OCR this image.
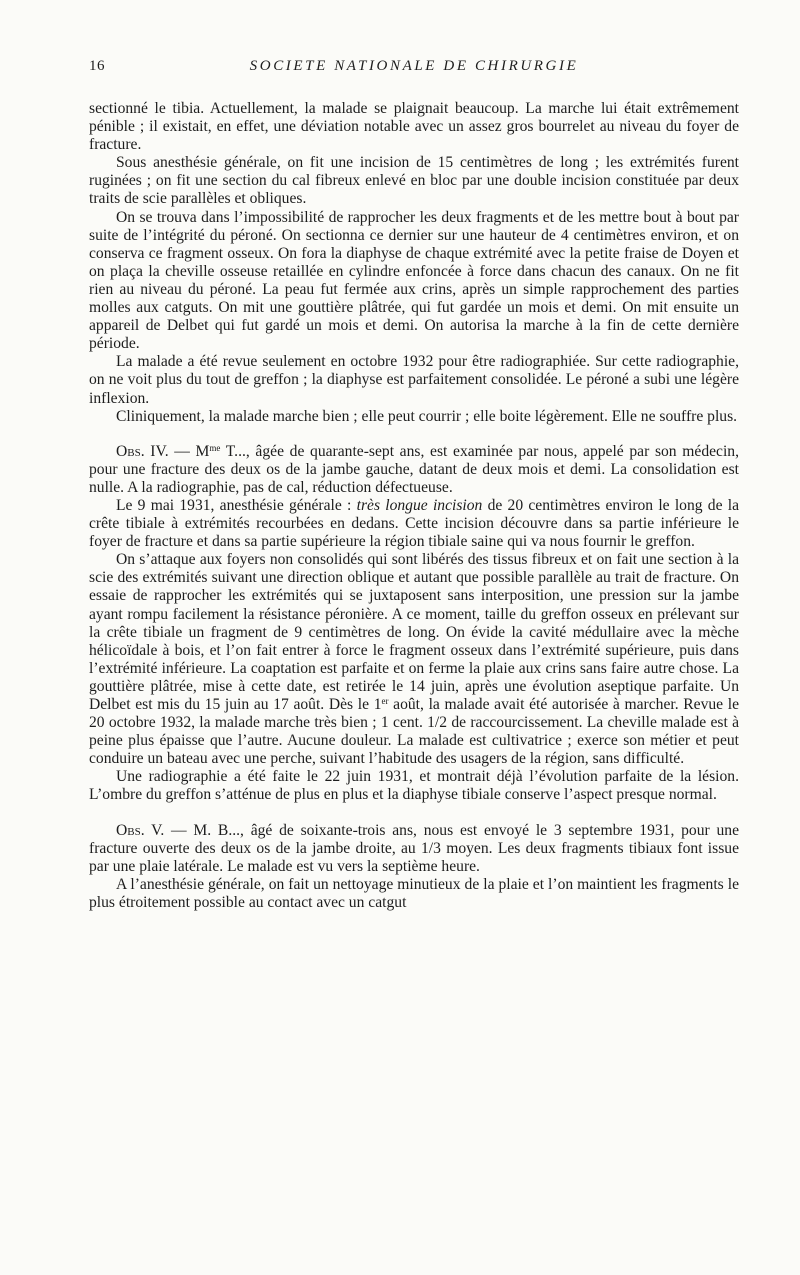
16	SOCIETE NATIONALE DE CHIRURGIE

sectionné le tibia. Actuellement, la malade se plaignait beaucoup. La marche lui était extrêmement pénible ; il existait, en effet, une déviation notable avec un assez gros bourrelet au niveau du foyer de fracture.

Sous anesthésie générale, on fit une incision de 15 centimètres de long ; les extrémités furent ruginées ; on fit une section du cal fibreux enlevé en bloc par une double incision constituée par deux traits de scie parallèles et obliques.

On se trouva dans l’impossibilité de rapprocher les deux fragments et de les mettre bout à bout par suite de l’intégrité du péroné. On sectionna ce dernier sur une hauteur de 4 centimètres environ, et on conserva ce fragment osseux. On fora la diaphyse de chaque extrémité avec la petite fraise de Doyen et on plaça la cheville osseuse retaillée en cylindre enfoncée à force dans chacun des canaux. On ne fit rien au niveau du péroné. La peau fut fermée aux crins, après un simple rapprochement des parties molles aux catguts. On mit une gouttière plâtrée, qui fut gardée un mois et demi. On mit ensuite un appareil de Delbet qui fut gardé un mois et demi. On autorisa la marche à la fin de cette dernière période.

La malade a été revue seulement en octobre 1932 pour être radiographiée. Sur cette radiographie, on ne voit plus du tout de greffon ; la diaphyse est parfaitement consolidée. Le péroné a subi une légère inflexion.

Cliniquement, la malade marche bien ; elle peut courrir ; elle boite légèrement. Elle ne souffre plus.

Obs. IV. — $M^{me}$ T..., âgée de quarante-sept ans, est examinée par nous, appelé par son médecin, pour une fracture des deux os de la jambe gauche, datant de deux mois et demi. La consolidation est nulle. A la radiographie, pas de cal, réduction défectueuse.

Le 9 mai 1931, anesthésie générale : très longue incision de 20 centimètres environ le long de la crête tibiale à extrémités recourbées en dedans. Cette incision découvre dans sa partie inférieure le foyer de fracture et dans sa partie supérieure la région tibiale saine qui va nous fournir le greffon.

On s’attaque aux foyers non consolidés qui sont libérés des tissus fibreux et on fait une section à la scie des extrémités suivant une direction oblique et autant que possible parallèle au trait de fracture. On essaie de rapprocher les extrémités qui se juxtaposent sans interposition, une pression sur la jambe ayant rompu facilement la résistance péronière. A ce moment, taille du greffon osseux en prélevant sur la crête tibiale un fragment de 9 centimètres de long. On évide la cavité médullaire avec la mèche hélicoïdale à bois, et l’on fait entrer à force le fragment osseux dans l’extrémité supérieure, puis dans l’extrémité inférieure. La coaptation est parfaite et on ferme la plaie aux crins sans faire autre chose. La gouttière plâtrée, mise à cette date, est retirée le 14 juin, après une évolution aseptique parfaite. Un Delbet est mis du 15 juin au 17 août. Dès le 1er août, la malade avait été autorisée à marcher. Revue le 20 octobre 1932, la malade marche très bien ; 1 cent. 1/2 de raccourcissement. La cheville malade est à peine plus épaisse que l’autre. Aucune douleur. La malade est cultivatrice ; exerce son métier et peut conduire un bateau avec une perche, suivant l’habitude des usagers de la région, sans difficulté.

Une radiographie a été faite le 22 juin 1931, et montrait déjà l’évolution parfaite de la lésion. L’ombre du greffon s’atténue de plus en plus et la diaphyse tibiale conserve l’aspect presque normal.

Obs. V. — M. B..., âgé de soixante-trois ans, nous est envoyé le 3 septembre 1931, pour une fracture ouverte des deux os de la jambe droite, au 1/3 moyen. Les deux fragments tibiaux font issue par une plaie latérale. Le malade est vu vers la septième heure.

A l’anesthésie générale, on fait un nettoyage minutieux de la plaie et l’on maintient les fragments le plus étroitement possible au contact avec un catgut
